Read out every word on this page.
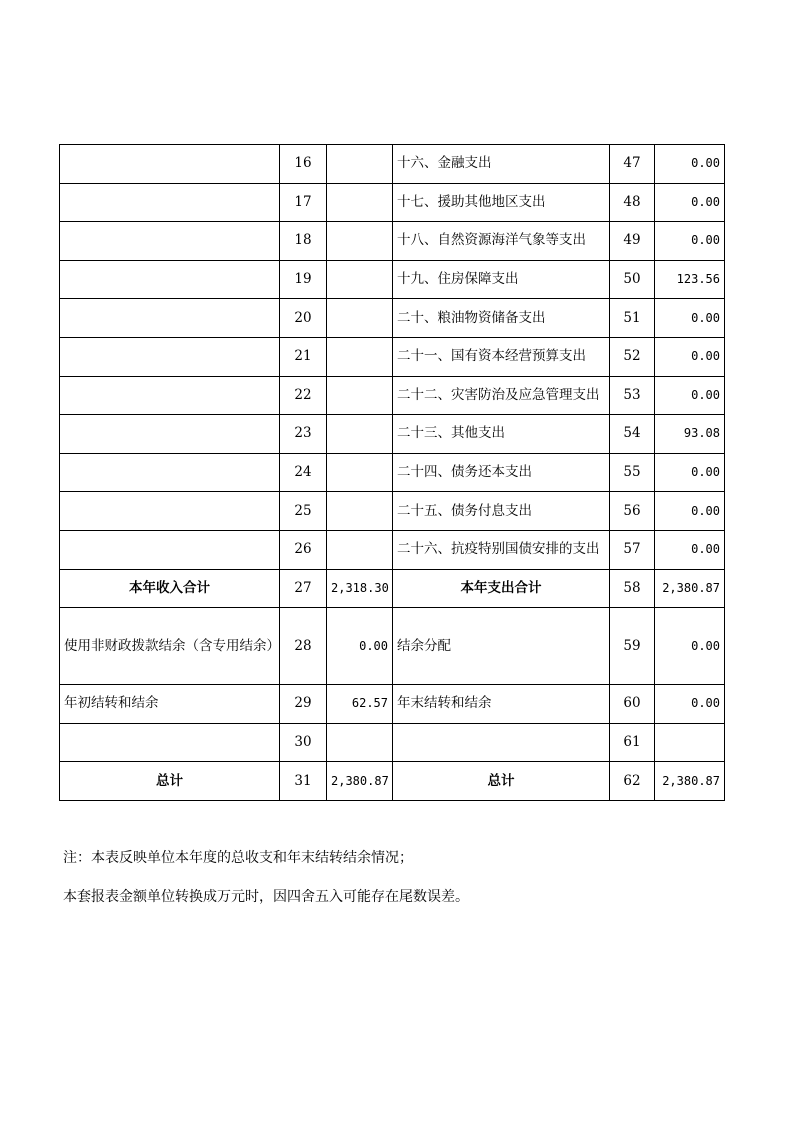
	16		十六、金融支出	47	0.00
	17		十七、援助其他地区支出	48	0.00
	18		十八、自然资源海洋气象等支出	49	0.00
	19		十九、住房保障支出	50	123.56
	20		二十、粮油物资储备支出	51	0.00
	21		二十一、国有资本经营预算支出	52	0.00
	22		二十二、灾害防治及应急管理支出	53	0.00
	23		二十三、其他支出	54	93.08
	24		二十四、债务还本支出	55	0.00
	25		二十五、债务付息支出	56	0.00
	26		二十六、抗疫特别国债安排的支出	57	0.00
本年收入合计	27	2,318.30	本年支出合计	58	2,380.87
使用非财政拨款结余（含专用结余）	28	0.00	结余分配	59	0.00
年初结转和结余	29	62.57	年末结转和结余	60	0.00
	30			61	
总计	31	2,380.87	总计	62	2,380.87
注：本表反映单位本年度的总收支和年末结转结余情况；
本套报表金额单位转换成万元时，因四舍五入可能存在尾数误差。
